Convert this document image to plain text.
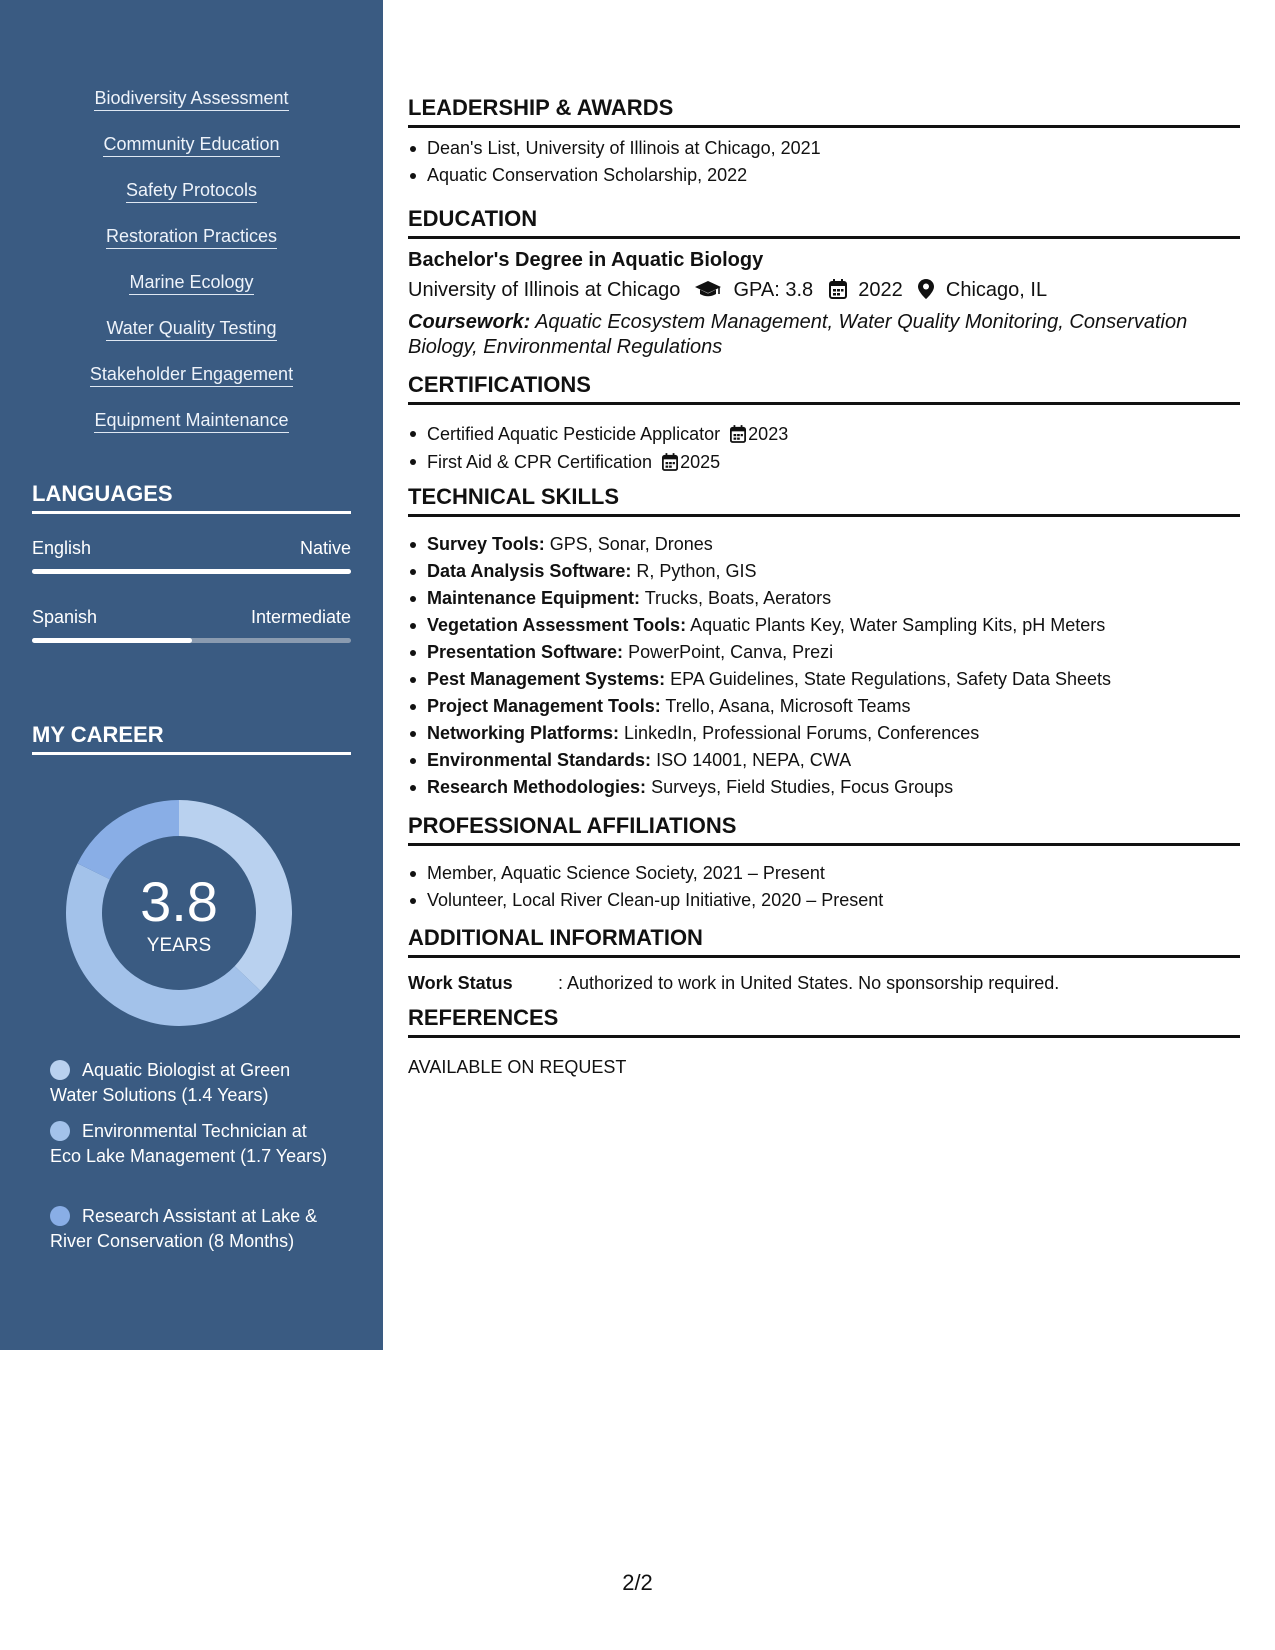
Biodiversity Assessment
Community Education
Safety Protocols
Restoration Practices
Marine Ecology
Water Quality Testing
Stakeholder Engagement
Equipment Maintenance
LANGUAGES
English	Native
Spanish	Intermediate
MY CAREER
3.8
YEARS
Aquatic Biologist at Green Water Solutions (1.4 Years)
Environmental Technician at Eco Lake Management (1.7 Years)
Research Assistant at Lake & River Conservation (8 Months)
LEADERSHIP & AWARDS
Dean's List, University of Illinois at Chicago, 2021
Aquatic Conservation Scholarship, 2022
EDUCATION
Bachelor's Degree in Aquatic Biology
University of Illinois at Chicago	GPA: 3.8 2022 Chicago, IL
Coursework: Aquatic Ecosystem Management, Water Quality Monitoring, Conservation Biology, Environmental Regulations
CERTIFICATIONS
Certified Aquatic Pesticide Applicator 2023
First Aid & CPR Certification 2025
TECHNICAL SKILLS
Survey Tools: GPS, Sonar, Drones
Data Analysis Software: R, Python, GIS
Maintenance Equipment: Trucks, Boats, Aerators
Vegetation Assessment Tools: Aquatic Plants Key, Water Sampling Kits, pH Meters
Presentation Software: PowerPoint, Canva, Prezi
Pest Management Systems: EPA Guidelines, State Regulations, Safety Data Sheets
Project Management Tools: Trello, Asana, Microsoft Teams
Networking Platforms: LinkedIn, Professional Forums, Conferences
Environmental Standards: ISO 14001, NEPA, CWA
Research Methodologies: Surveys, Field Studies, Focus Groups
PROFESSIONAL AFFILIATIONS
Member, Aquatic Science Society, 2021 – Present
Volunteer, Local River Clean-up Initiative, 2020 – Present
ADDITIONAL INFORMATION
Work Status	: Authorized to work in United States. No sponsorship required.
REFERENCES
AVAILABLE ON REQUEST
2/2
